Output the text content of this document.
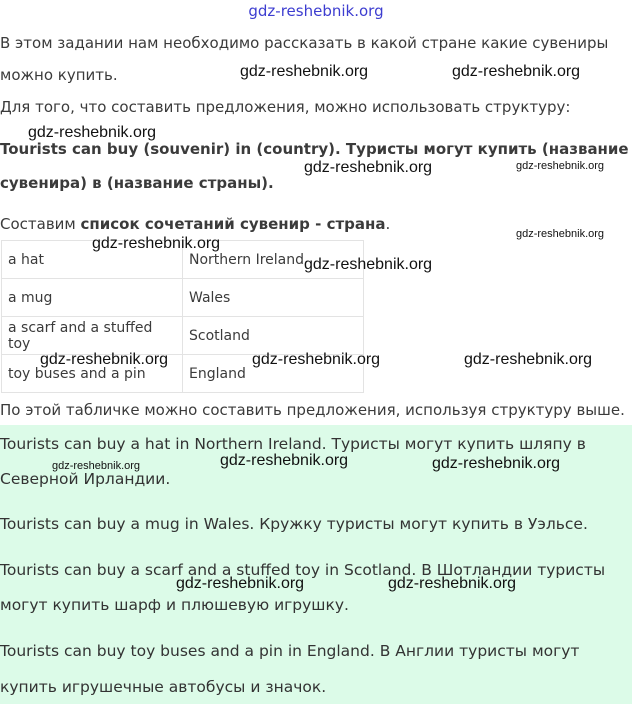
gdz-reshebnik.org
В этом задании нам необходимо рассказать в какой стране какие сувениры
можно купить.
Для того, что составить предложения, можно использовать структуру:
Tourists can buy (souvenir) in (country). Туристы могут купить (название
сувенира) в (название страны).
Составим список сочетаний сувенир - страна.
a hat	Northern Ireland
a mug	Wales
a scarf and a stuffed toy	Scotland
toy buses and a pin	England
По этой табличке можно составить предложения, используя структуру выше.
Tourists can buy a hat in Northern Ireland. Туристы могут купить шляпу в
Северной Ирландии.
Tourists can buy a mug in Wales. Кружку туристы могут купить в Уэльсе.
Tourists can buy a scarf and a stuffed toy in Scotland. В Шотландии туристы
могут купить шарф и плюшевую игрушку.
Tourists can buy toy buses and a pin in England. В Англии туристы могут
купить игрушечные автобусы и значок.
gdz-reshebnik.org	gdz-reshebnik.org
gdz-reshebnik.org
gdz-reshebnik.org	gdz-reshebnik.org
gdz-reshebnik.org
gdz-reshebnik.org
gdz-reshebnik.org
gdz-reshebnik.org	gdz-reshebnik.org	gdz-reshebnik.org
gdz-reshebnik.org	gdz-reshebnik.org	gdz-reshebnik.org
gdz-reshebnik.org	gdz-reshebnik.org
